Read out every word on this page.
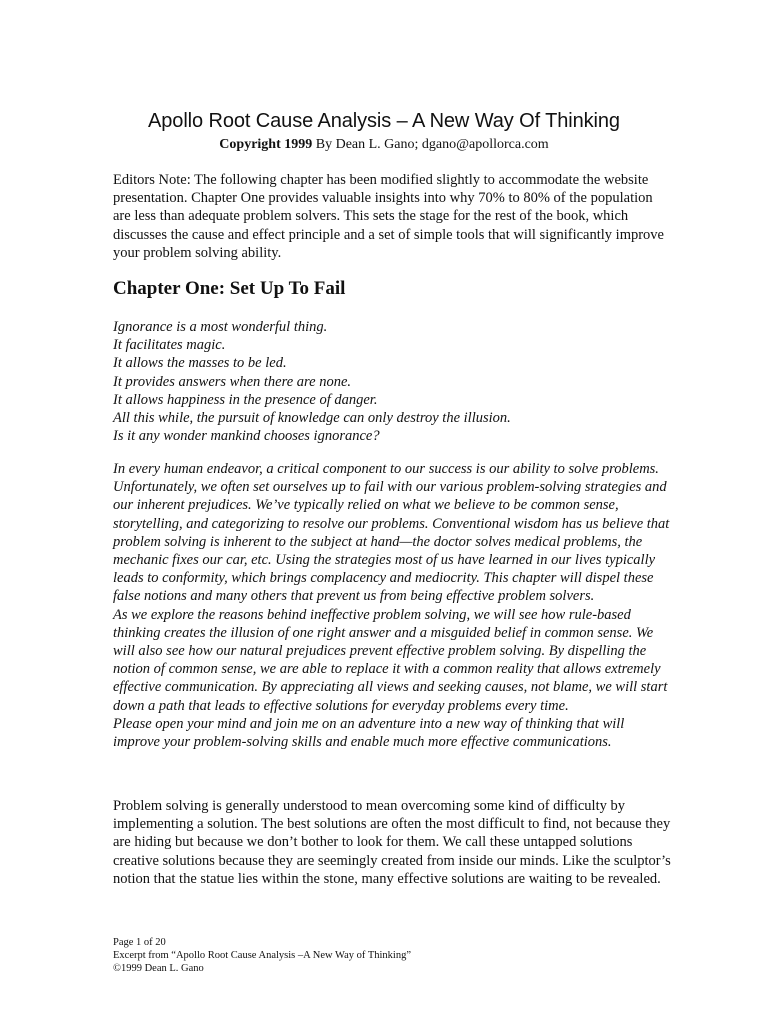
Apollo Root Cause Analysis – A New Way Of Thinking
Copyright 1999 By Dean L. Gano; dgano@apollorca.com

Editors Note: The following chapter has been modified slightly to accommodate the website presentation. Chapter One provides valuable insights into why 70% to 80% of the population are less than adequate problem solvers. This sets the stage for the rest of the book, which discusses the cause and effect principle and a set of simple tools that will significantly improve your problem solving ability.

Chapter One: Set Up To Fail
Ignorance is a most wonderful thing.
It facilitates magic.
It allows the masses to be led.
It provides answers when there are none.
It allows happiness in the presence of danger.
All this while, the pursuit of knowledge can only destroy the illusion.
Is it any wonder mankind chooses ignorance?

In every human endeavor, a critical component to our success is our ability to solve problems. Unfortunately, we often set ourselves up to fail with our various problem-solving strategies and our inherent prejudices. We’ve typically relied on what we believe to be common sense, storytelling, and categorizing to resolve our problems. Conventional wisdom has us believe that problem solving is inherent to the subject at hand—the doctor solves medical problems, the mechanic fixes our car, etc. Using the strategies most of us have learned in our lives typically leads to conformity, which brings complacency and mediocrity. This chapter will dispel these false notions and many others that prevent us from being effective problem solvers.

As we explore the reasons behind ineffective problem solving, we will see how rule-based thinking creates the illusion of one right answer and a misguided belief in common sense. We will also see how our natural prejudices prevent effective problem solving. By dispelling the notion of common sense, we are able to replace it with a common reality that allows extremely effective communication. By appreciating all views and seeking causes, not blame, we will start down a path that leads to effective solutions for everyday problems every time.

Please open your mind and join me on an adventure into a new way of thinking that will improve your problem-solving skills and enable much more effective communications.

Problem solving is generally understood to mean overcoming some kind of difficulty by implementing a solution. The best solutions are often the most difficult to find, not because they are hiding but because we don’t bother to look for them. We call these untapped solutions creative solutions because they are seemingly created from inside our minds. Like the sculptor’s notion that the statue lies within the stone, many effective solutions are waiting to be revealed.

Page 1 of 20
Excerpt from “Apollo Root Cause Analysis –A New Way of Thinking”
©1999 Dean L. Gano
